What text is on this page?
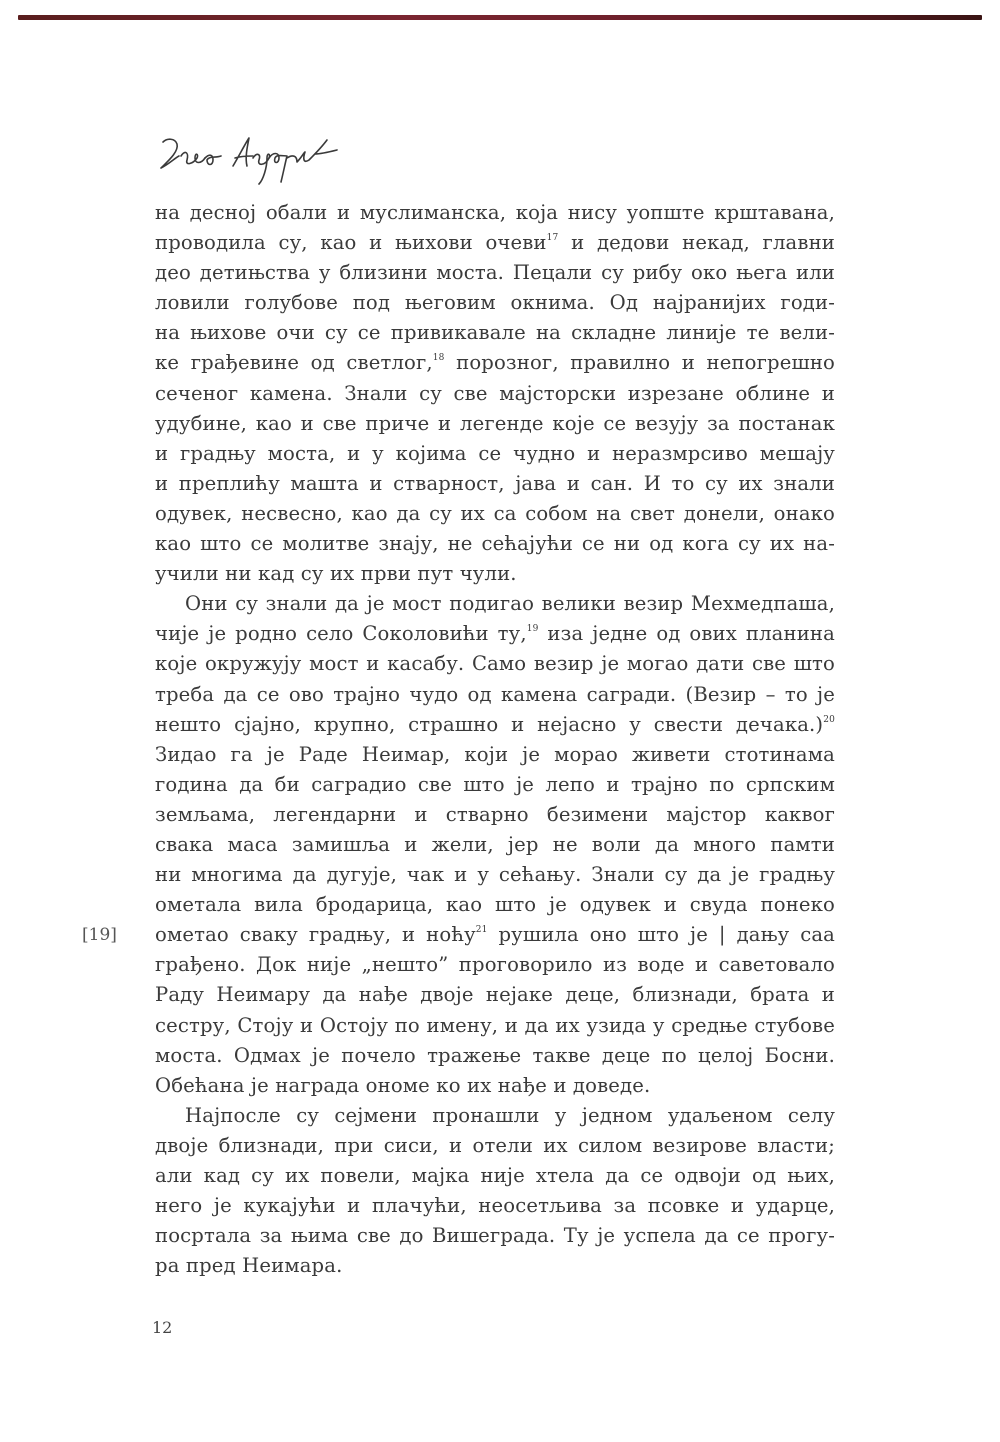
на десној обали и муслиманска, која нису уопште крштавана,
проводила су, као и њихови очеви$^{17}$ и дедови некад, главни
део детињства у близини моста. Пецали су рибу око њега или
ловили голубове под његовим окнима. Од најранијих годи-
на њихове очи су се привикавале на складне линије те вели-
ке грађевине од светлог,$^{18}$ порозног, правилно и непогрешно
сеченог камена. Знали су све мајсторски изрезане облине и
удубине, као и све приче и легенде које се везују за постанак
и градњу моста, и у којима се чудно и неразмрсиво мешају
и преплићу машта и стварност, јава и сан. И то су их знали
одувек, несвесно, као да су их са собом на свет донели, онако
као што се молитве знају, не сећајући се ни од кога су их на-
учили ни кад су их први пут чули.
Они су знали да је мост подигао велики везир Мехмедпаша,
чије је родно село Соколовићи ту,$^{19}$ иза једне од ових планина
које окружују мост и касабу. Само везир је могао дати све што
треба да се ово трајно чудо од камена сагради. (Везир – то је
нешто сјајно, крупно, страшно и нејасно у свести дечака.)$^{20}$
Зидао га је Раде Неимар, који је морао живети стотинама
година да би саградио све што је лепо и трајно по српским
земљама, легендарни и стварно безимени мајстор каквог
свака маса замишља и жели, јер не воли да много памти
ни многима да дугује, чак и у сећању. Знали су да је градњу
ометала вила бродарица, као што је одувек и свуда понеко
ометао сваку градњу, и ноћу$^{21}$ рушила оно што је | дању саа
грађено. Док није „нешто” проговорило из воде и саветовало
Раду Неимару да нађе двоје нејаке деце, близнади, брата и
сестру, Стоју и Остоју по имену, и да их узида у средње стубове
моста. Одмах је почело тражење такве деце по целој Босни.
Обећана је награда ономе ко их нађе и доведе.
Најпосле су сејмени пронашли у једном удаљеном селу
двоје близнади, при сиси, и отели их силом везирове власти;
али кад су их повели, мајка није хтела да се одвоји од њих,
него је кукајући и плачући, неосетљива за псовке и ударце,
посртала за њима све до Вишеграда. Ту је успела да се прогу-
ра пред Неимара.
[19]
12
